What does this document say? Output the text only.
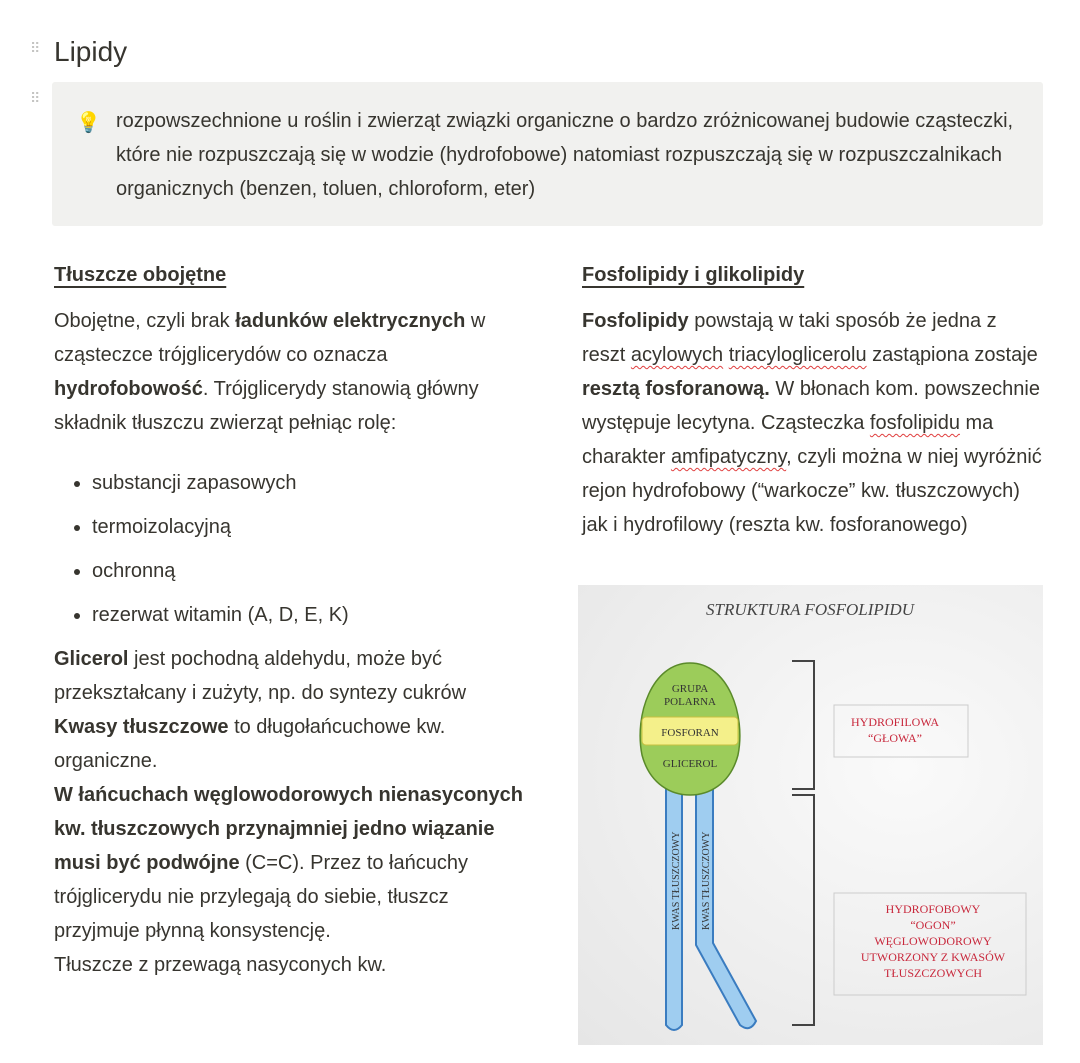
⠿ Lipidy
⠿
💡 rozpowszechnione u roślin i zwierząt związki organiczne o bardzo zróżnicowanej budowie cząsteczki, które nie rozpuszczają się w wodzie (hydrofobowe) natomiast rozpuszczają się w rozpuszczalnikach organicznych (benzen, toluen, chloroform, eter)
Tłuszcze obojętne

Obojętne, czyli brak ładunków elektrycznych w cząsteczce trójglicerydów co oznacza hydrofobowość. Trójglicerydy stanowią główny składnik tłuszczu zwierząt pełniąc rolę:

• substancji zapasowych
• termoizolacyjną
• ochronną
• rezerwat witamin (A, D, E, K)

Glicerol jest pochodną aldehydu, może być przekształcany i zużyty, np. do syntezy cukrów

Kwasy tłuszczowe to długołańcuchowe kw. organiczne.

W łańcuchach węglowodorowych nienasyconych kw. tłuszczowych przynajmniej jedno wiązanie musi być podwójne (C=C). Przez to łańcuchy trójglicerydu nie przylegają do siebie, tłuszcz przyjmuje płynną konsystencję.

Tłuszcze z przewagą nasyconych kw.

Fosfolipidy i glikolipidy

Fosfolipidy powstają w taki sposób że jedna z reszt acylowych triacyloglicerolu zastąpiona zostaje resztą fosforanową. W błonach kom. powszechnie występuje lecytyna. Cząsteczka fosfolipidu ma charakter amfipatyczny, czyli można w niej wyróżnić rejon hydrofobowy (“warkocze” kw. tłuszczowych) jak i hydrofilowy (reszta kw. fosforanowego)

STRUKTURA FOSFOLIPIDU
KWAS TŁUSZCZOWY KWAS TŁUSZCZOWY
GRUPA
POLARNA
FOSFORAN
GLICEROL
HYDROFILOWA
“GŁOWA”
HYDROFOBOWY
“OGON”
WĘGLOWODOROWY
UTWORZONY Z KWASÓW
TŁUSZCZOWYCH
